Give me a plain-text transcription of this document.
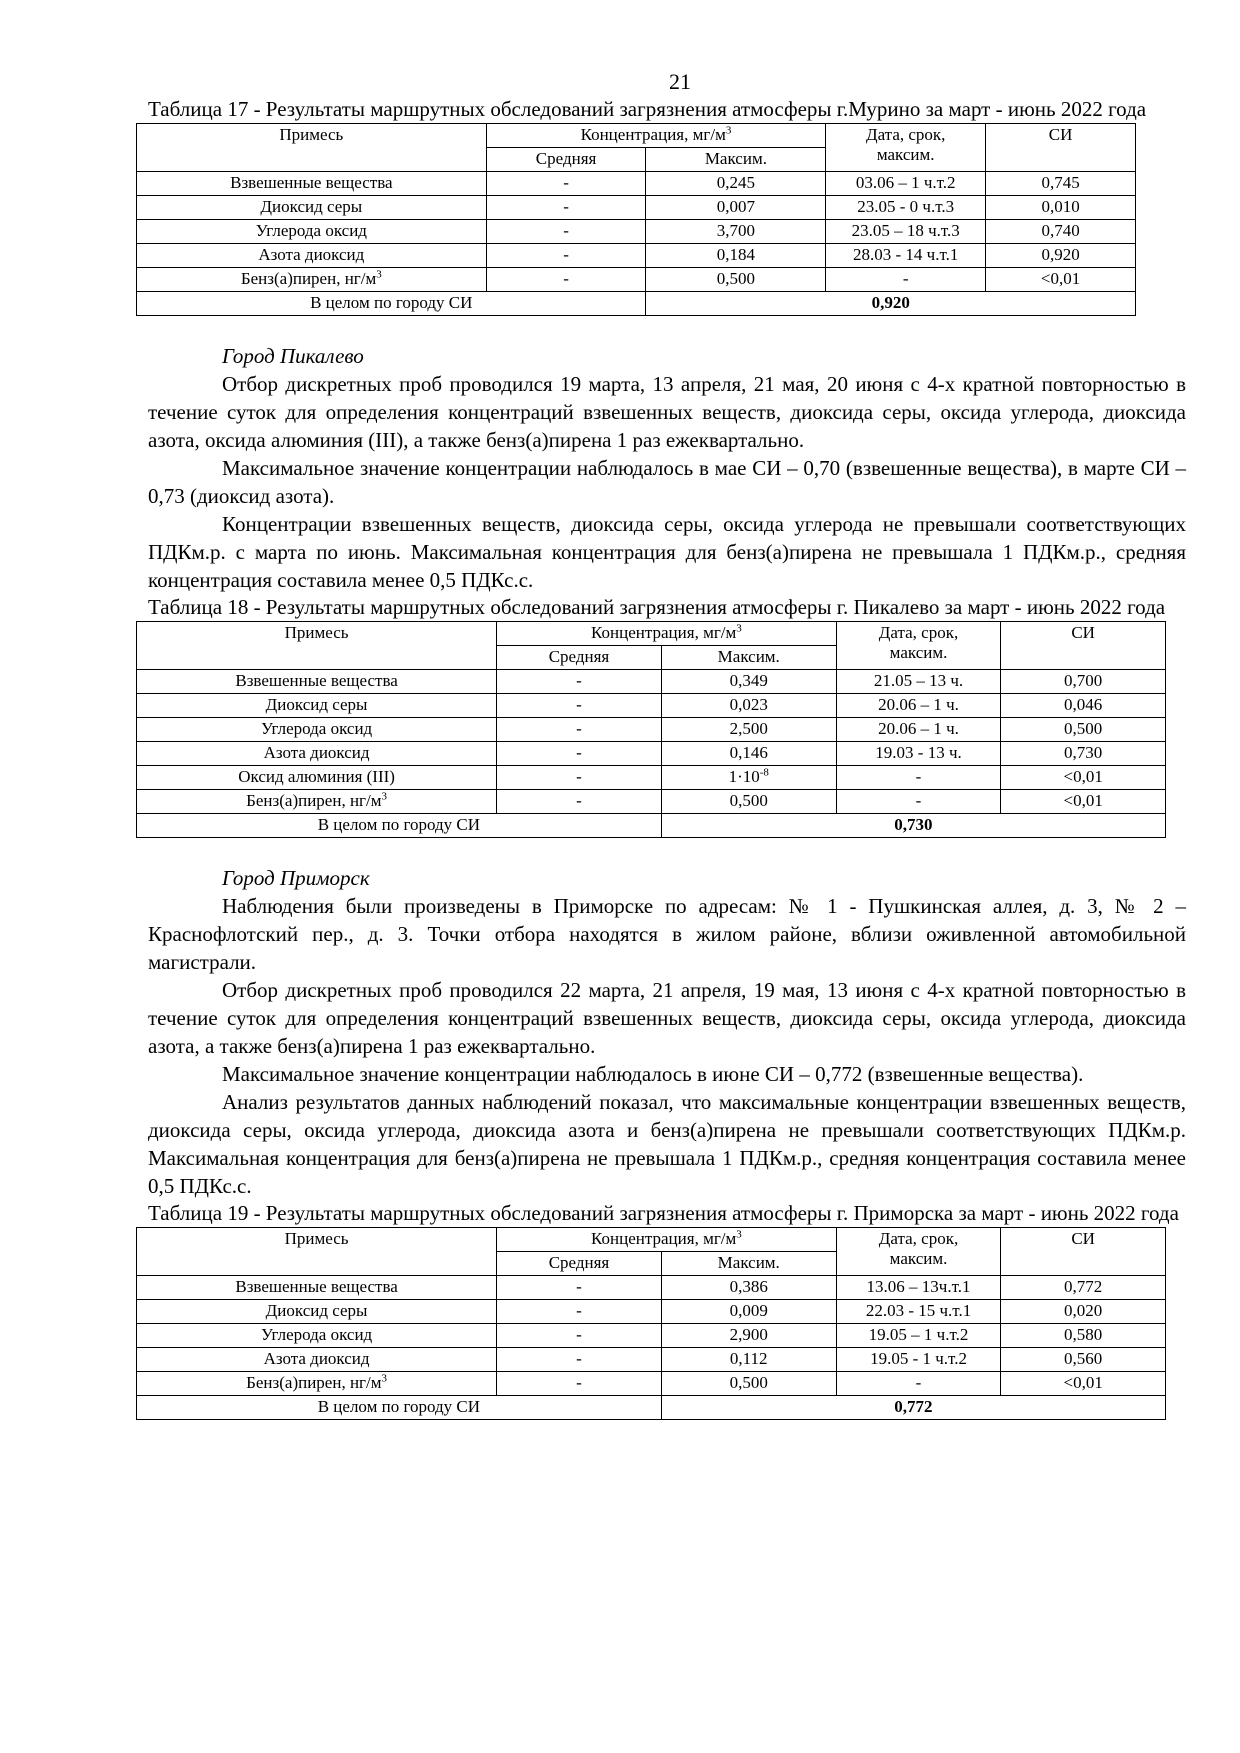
21
Таблица 17 - Результаты маршрутных обследований загрязнения атмосферы г.Мурино за март - июнь 2022 года
Примесь	Концентрация, $мг/м^3$		Дата, срок, максим.	СИ
	Средняя	Максим.		
Взвешенные вещества	-	0,245	03.06 – 1 ч.т.2	0,745
Диоксид серы	-	0,007	23.05 - 0 ч.т.3	0,010
Углерода оксид	-	3,700	23.05 – 18 ч.т.3	0,740
Азота диоксид	-	0,184	28.03 - 14 ч.т.1	0,920
Бенз(а)пирен, $нг/м^3$	-	0,500	-	<0,01
В целом по городу СИ		0,920		
Город Пикалево

Отбор дискретных проб проводился 19 марта, 13 апреля, 21 мая, 20 июня с 4-х кратной повторностью в течение суток для определения концентраций взвешенных веществ, диоксида серы, оксида углерода, диоксида азота, оксида алюминия (III), а также бенз(а)пирена 1 раз ежеквартально.

Максимальное значение концентрации наблюдалось в мае СИ – 0,70 (взвешенные вещества), в марте СИ – 0,73 (диоксид азота).

Концентрации взвешенных веществ, диоксида серы, оксида углерода не превышали соответствующих ПДКм.р. с марта по июнь. Максимальная концентрация для бенз(а)пирена не превышала 1 ПДКм.р., средняя концентрация составила менее 0,5 ПДКс.с.

Таблица 18 - Результаты маршрутных обследований загрязнения атмосферы г. Пикалево за март - июнь 2022 года
Примесь	Концентрация, $мг/м^3$		Дата, срок, максим.	СИ
	Средняя	Максим.		
Взвешенные вещества	-	0,349	21.05 – 13 ч.	0,700
Диоксид серы	-	0,023	20.06 – 1 ч.	0,046
Углерода оксид	-	2,500	20.06 – 1 ч.	0,500
Азота диоксид	-	0,146	19.03 - 13 ч.	0,730
Оксид алюминия (III)	-	$1\cdot 10^{-8}$	-	<0,01
Бенз(а)пирен, $нг/м^3$	-	0,500	-	<0,01
В целом по городу СИ		0,730		
Город Приморск

Наблюдения были произведены в Приморске по адресам: № 1 - Пушкинская аллея, д. 3, № 2 – Краснофлотский пер., д. 3. Точки отбора находятся в жилом районе, вблизи оживленной автомобильной магистрали.

Отбор дискретных проб проводился 22 марта, 21 апреля, 19 мая, 13 июня с 4-х кратной повторностью в течение суток для определения концентраций взвешенных веществ, диоксида серы, оксида углерода, диоксида азота, а также бенз(а)пирена 1 раз ежеквартально.

Максимальное значение концентрации наблюдалось в июне СИ – 0,772 (взвешенные вещества).

Анализ результатов данных наблюдений показал, что максимальные концентрации взвешенных веществ, диоксида серы, оксида углерода, диоксида азота и бенз(а)пирена не превышали соответствующих ПДКм.р. Максимальная концентрация для бенз(а)пирена не превышала 1 ПДКм.р., средняя концентрация составила менее 0,5 ПДКс.с.

Таблица 19 - Результаты маршрутных обследований загрязнения атмосферы г. Приморска за март - июнь 2022 года
Примесь	Концентрация, $мг/м^3$		Дата, срок, максим.	СИ
	Средняя	Максим.		
Взвешенные вещества	-	0,386	13.06 – 13ч.т.1	0,772
Диоксид серы	-	0,009	22.03 - 15 ч.т.1	0,020
Углерода оксид	-	2,900	19.05 – 1 ч.т.2	0,580
Азота диоксид	-	0,112	19.05 - 1 ч.т.2	0,560
Бенз(а)пирен, $нг/м^3$	-	0,500	-	<0,01
В целом по городу СИ		0,772		
